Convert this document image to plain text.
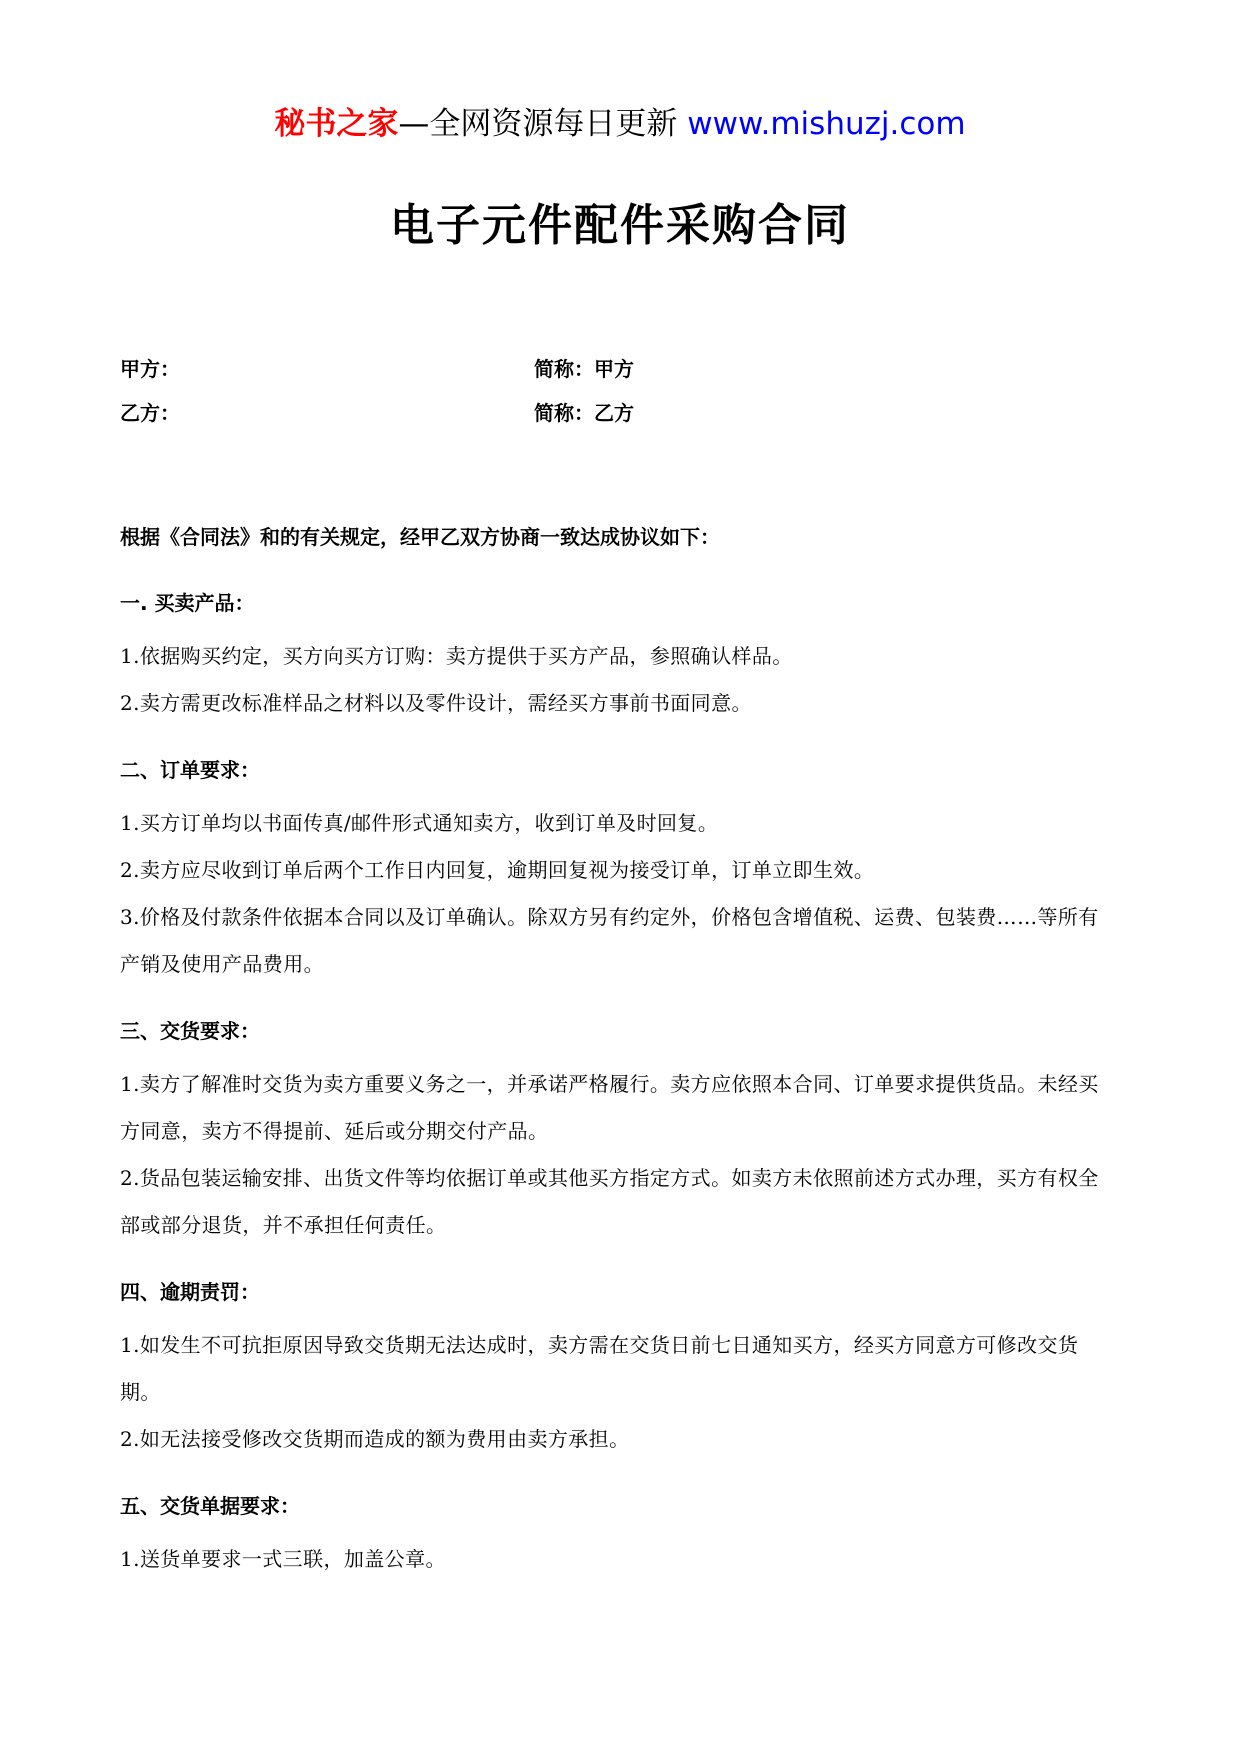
秘书之家—全网资源每日更新 www.mishuzj.com
电子元件配件采购合同
甲方：	简称：甲方
乙方：	简称：乙方
根据《合同法》和的有关规定，经甲乙双方协商一致达成协议如下：
一. 买卖产品：

1.依据购买约定，买方向买方订购：卖方提供于买方产品，参照确认样品。

2.卖方需更改标准样品之材料以及零件设计，需经买方事前书面同意。

二、订单要求：

1.买方订单均以书面传真/邮件形式通知卖方，收到订单及时回复。

2.卖方应尽收到订单后两个工作日内回复，逾期回复视为接受订单，订单立即生效。

3.价格及付款条件依据本合同以及订单确认。除双方另有约定外，价格包含增值税、运费、包装费……等所有产销及使用产品费用。

三、交货要求：

1.卖方了解准时交货为卖方重要义务之一，并承诺严格履行。卖方应依照本合同、订单要求提供货品。未经买方同意，卖方不得提前、延后或分期交付产品。

2.货品包装运输安排、出货文件等均依据订单或其他买方指定方式。如卖方未依照前述方式办理，买方有权全部或部分退货，并不承担任何责任。

四、逾期责罚：

1.如发生不可抗拒原因导致交货期无法达成时，卖方需在交货日前七日通知买方，经买方同意方可修改交货期。

2.如无法接受修改交货期而造成的额为费用由卖方承担。

五、交货单据要求：

1.送货单要求一式三联，加盖公章。
